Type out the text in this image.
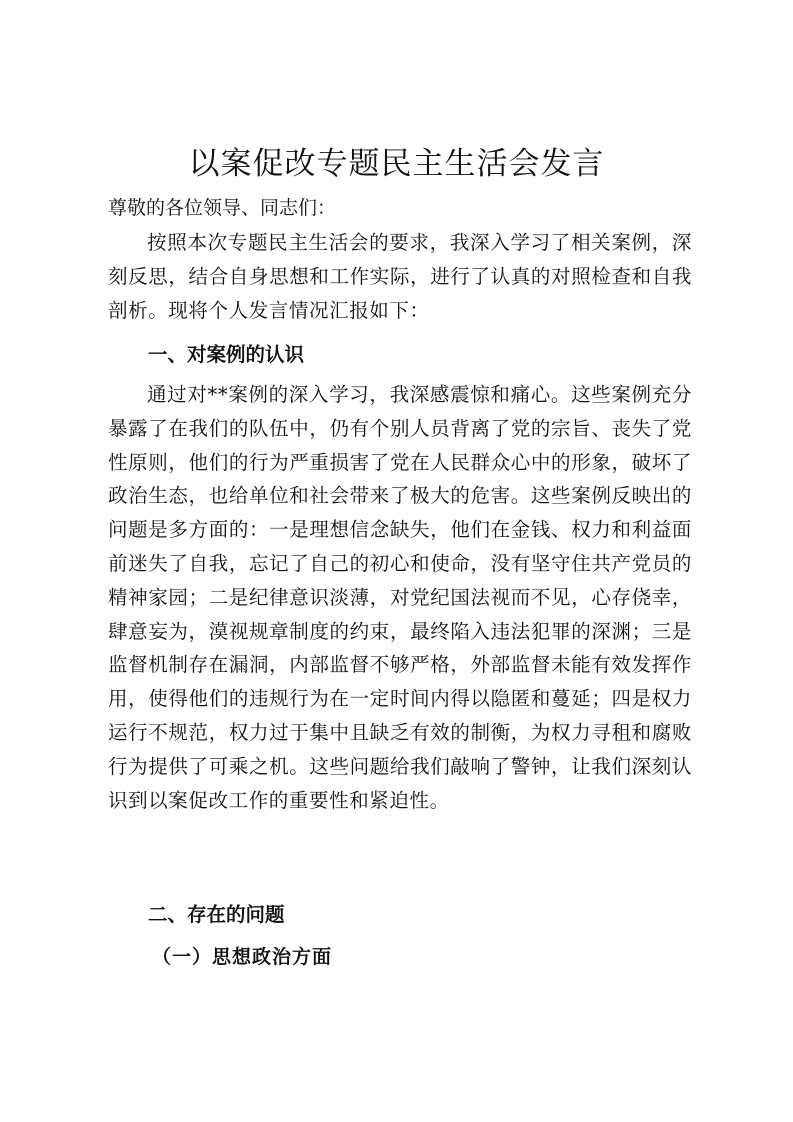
以案促改专题民主生活会发言

尊敬的各位领导、同志们：

按照本次专题民主生活会的要求，我深入学习了相关案例，深刻反思，结合自身思想和工作实际，进行了认真的对照检查和自我剖析。现将个人发言情况汇报如下：

一、对案例的认识

通过对**案例的深入学习，我深感震惊和痛心。这些案例充分暴露了在我们的队伍中，仍有个别人员背离了党的宗旨、丧失了党性原则，他们的行为严重损害了党在人民群众心中的形象，破坏了政治生态，也给单位和社会带来了极大的危害。这些案例反映出的问题是多方面的：一是理想信念缺失，他们在金钱、权力和利益面前迷失了自我，忘记了自己的初心和使命，没有坚守住共产党员的精神家园；二是纪律意识淡薄，对党纪国法视而不见，心存侥幸，肆意妄为，漠视规章制度的约束，最终陷入违法犯罪的深渊；三是监督机制存在漏洞，内部监督不够严格，外部监督未能有效发挥作用，使得他们的违规行为在一定时间内得以隐匿和蔓延；四是权力运行不规范，权力过于集中且缺乏有效的制衡，为权力寻租和腐败行为提供了可乘之机。这些问题给我们敲响了警钟，让我们深刻认识到以案促改工作的重要性和紧迫性。

二、存在的问题
（一）思想政治方面
